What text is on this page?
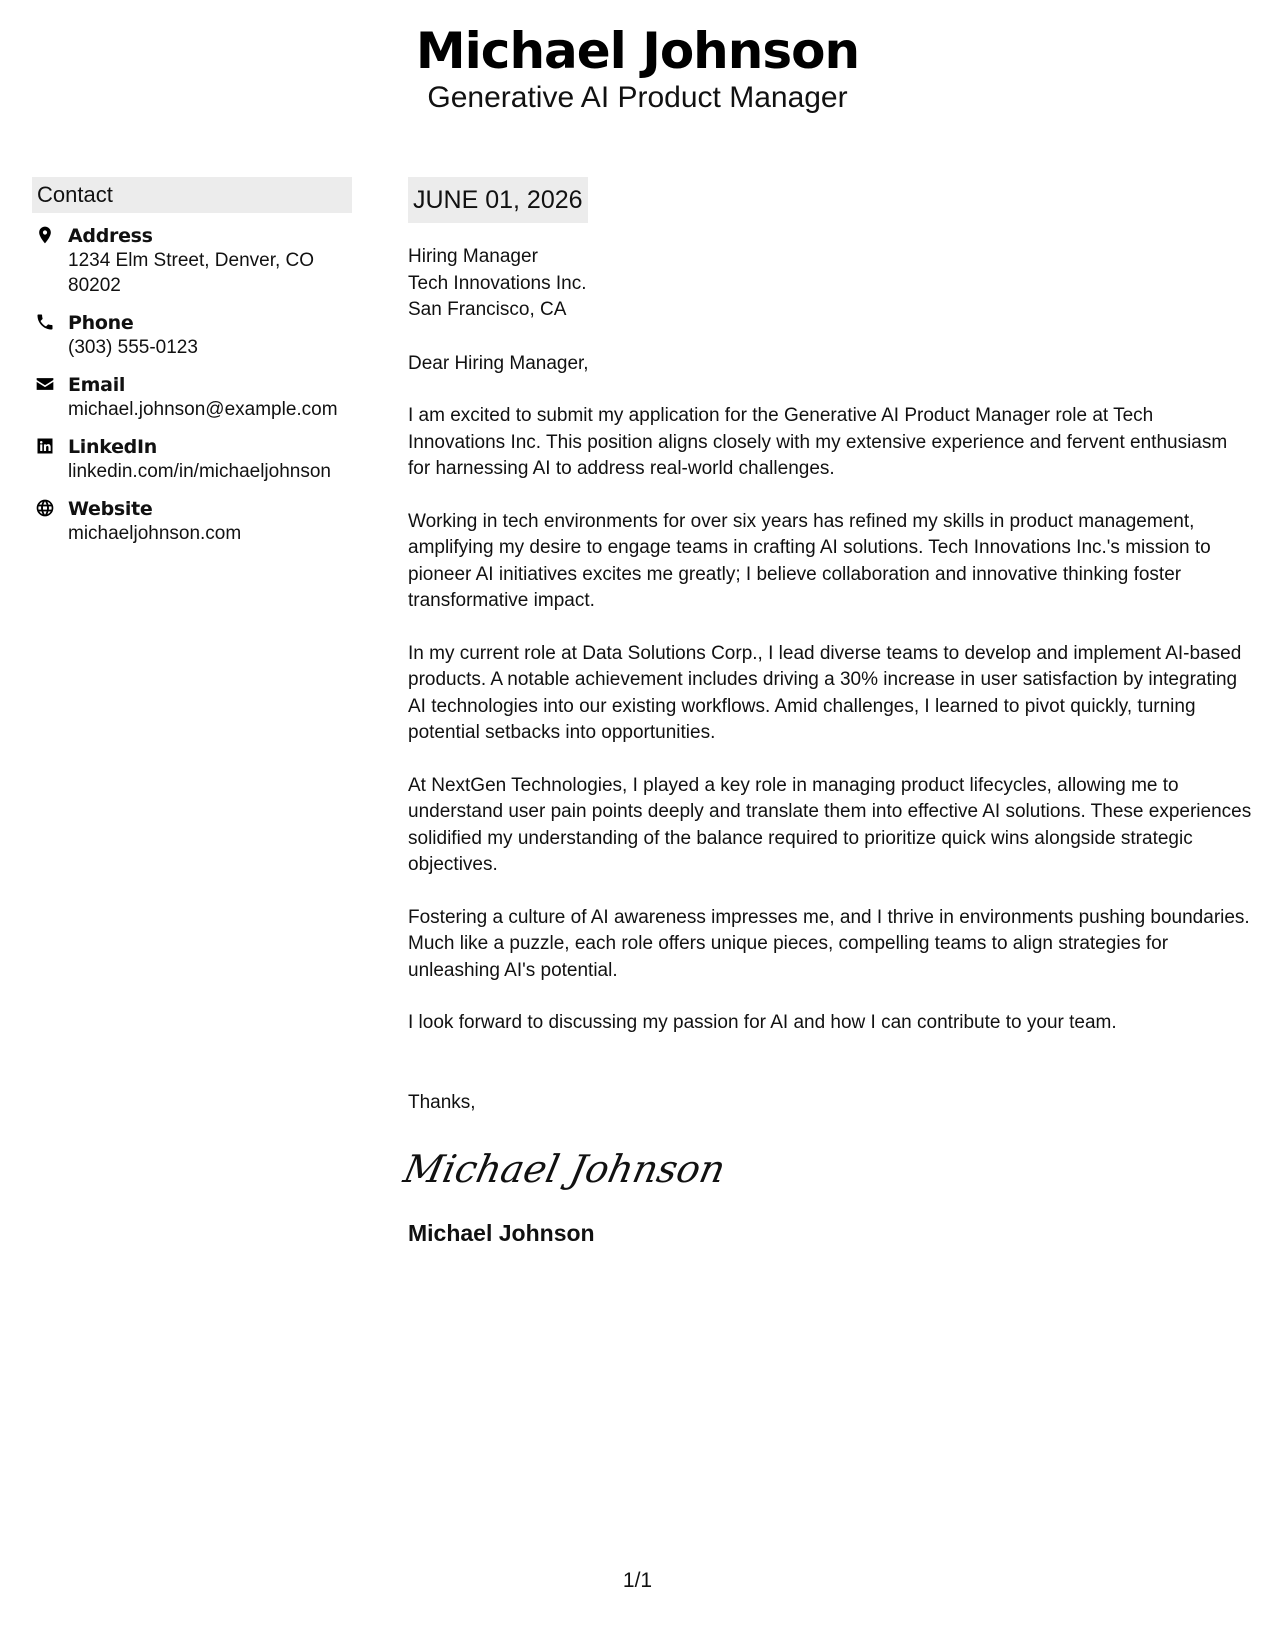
Michael Johnson
Generative AI Product Manager
Contact
Address
1234 Elm Street, Denver, CO 80202
Phone
(303) 555-0123
Email
michael.johnson@example.com
LinkedIn
linkedin.com/in/michaeljohnson
Website
michaeljohnson.com
JUNE 01, 2026
Hiring Manager
Tech Innovations Inc.
San Francisco, CA
Dear Hiring Manager,
I am excited to submit my application for the Generative AI Product Manager role at Tech Innovations Inc. This position aligns closely with my extensive experience and fervent enthusiasm for harnessing AI to address real-world challenges.
Working in tech environments for over six years has refined my skills in product management, amplifying my desire to engage teams in crafting AI solutions. Tech Innovations Inc.'s mission to pioneer AI initiatives excites me greatly; I believe collaboration and innovative thinking foster transformative impact.
In my current role at Data Solutions Corp., I lead diverse teams to develop and implement AI-based products. A notable achievement includes driving a 30% increase in user satisfaction by integrating AI technologies into our existing workflows. Amid challenges, I learned to pivot quickly, turning potential setbacks into opportunities.
At NextGen Technologies, I played a key role in managing product lifecycles, allowing me to understand user pain points deeply and translate them into effective AI solutions. These experiences solidified my understanding of the balance required to prioritize quick wins alongside strategic objectives.
Fostering a culture of AI awareness impresses me, and I thrive in environments pushing boundaries. Much like a puzzle, each role offers unique pieces, compelling teams to align strategies for unleashing AI's potential.
I look forward to discussing my passion for AI and how I can contribute to your team.
Thanks,
Michael Johnson
Michael Johnson
1/1
